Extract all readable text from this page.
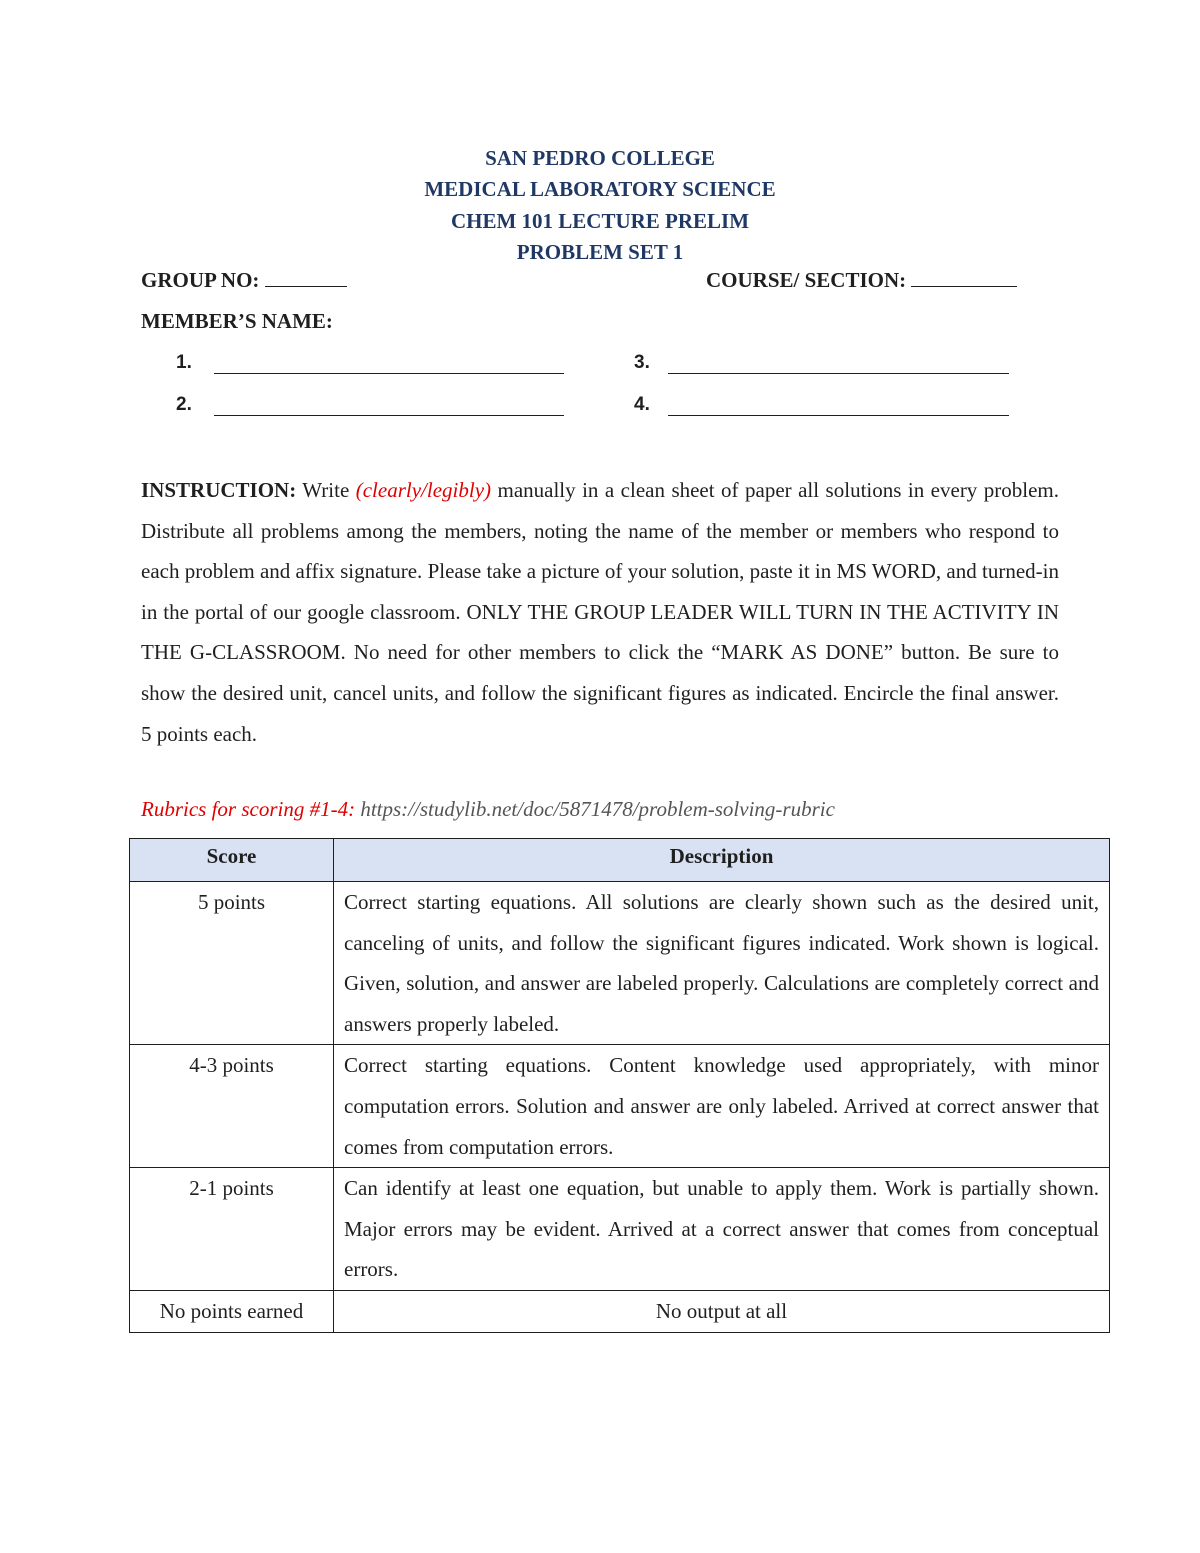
SAN PEDRO COLLEGE
MEDICAL LABORATORY SCIENCE
CHEM 101 LECTURE PRELIM
PROBLEM SET 1
GROUP NO:	COURSE/ SECTION:
MEMBER’S NAME:
1.
2.
3.
4.
INSTRUCTION: Write (clearly/legibly) manually in a clean sheet of paper all solutions in every problem. Distribute all problems among the members, noting the name of the member or members who respond to each problem and affix signature. Please take a picture of your solution, paste it in MS WORD, and turned-in in the portal of our google classroom. ONLY THE GROUP LEADER WILL TURN IN THE ACTIVITY IN THE G-CLASSROOM. No need for other members to click the “MARK AS DONE” button. Be sure to show the desired unit, cancel units, and follow the significant figures as indicated. Encircle the final answer. 5 points each.
Rubrics for scoring #1-4: https://studylib.net/doc/5871478/problem-solving-rubric
Score	Description
5 points	Correct starting equations. All solutions are clearly shown such as the desired unit, canceling of units, and follow the significant figures indicated. Work shown is logical. Given, solution, and answer are labeled properly. Calculations are completely correct and answers properly labeled.
4-3 points	Correct starting equations. Content knowledge used appropriately, with minor computation errors. Solution and answer are only labeled. Arrived at correct answer that comes from computation errors.
2-1 points	Can identify at least one equation, but unable to apply them. Work is partially shown. Major errors may be evident. Arrived at a correct answer that comes from conceptual errors.
No points earned	No output at all
